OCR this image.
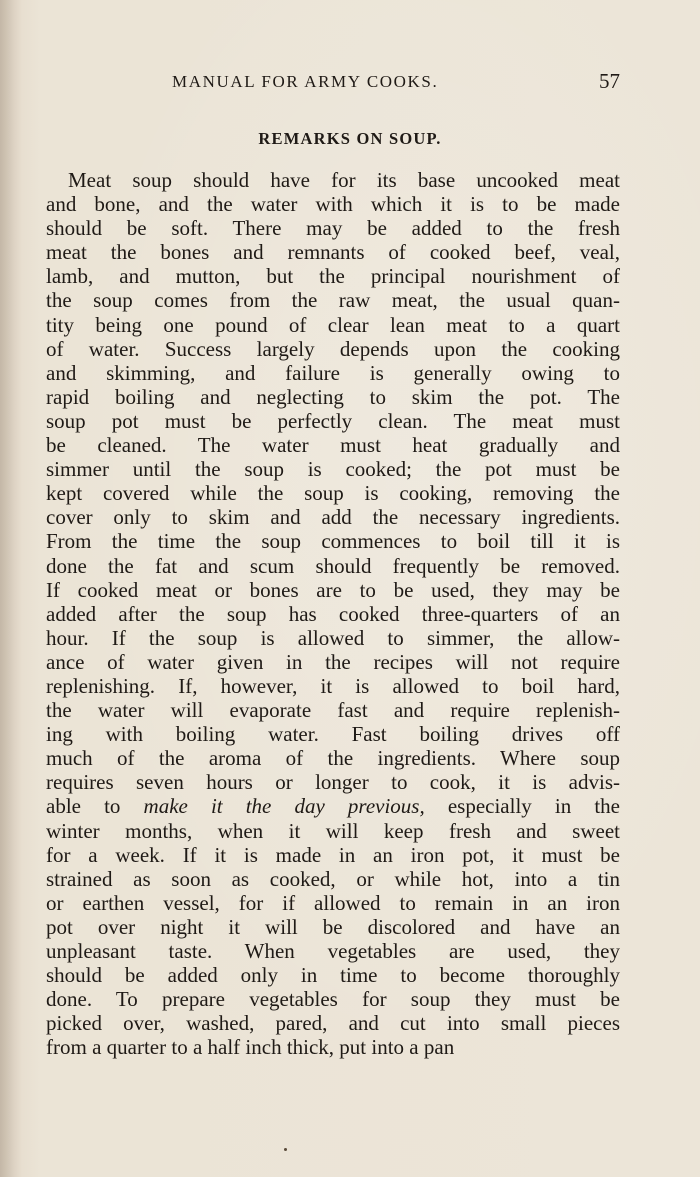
MANUAL FOR ARMY COOKS.	57
REMARKS ON SOUP.
Meat soup should have for its base uncooked meat
and bone, and the water with which it is to be made
should be soft. There may be added to the fresh
meat the bones and remnants of cooked beef, veal,
lamb, and mutton, but the principal nourishment of
the soup comes from the raw meat, the usual quan-
tity being one pound of clear lean meat to a quart
of water. Success largely depends upon the cooking
and skimming, and failure is generally owing to
rapid boiling and neglecting to skim the pot. The
soup pot must be perfectly clean. The meat must
be cleaned. The water must heat gradually and
simmer until the soup is cooked; the pot must be
kept covered while the soup is cooking, removing the
cover only to skim and add the necessary ingredients.
From the time the soup commences to boil till it is
done the fat and scum should frequently be removed.
If cooked meat or bones are to be used, they may be
added after the soup has cooked three-quarters of an
hour. If the soup is allowed to simmer, the allow-
ance of water given in the recipes will not require
replenishing. If, however, it is allowed to boil hard,
the water will evaporate fast and require replenish-
ing with boiling water. Fast boiling drives off
much of the aroma of the ingredients. Where soup
requires seven hours or longer to cook, it is advis-
able to make it the day previous, especially in the
winter months, when it will keep fresh and sweet
for a week. If it is made in an iron pot, it must be
strained as soon as cooked, or while hot, into a tin
or earthen vessel, for if allowed to remain in an iron
pot over night it will be discolored and have an
unpleasant taste. When vegetables are used, they
should be added only in time to become thoroughly
done. To prepare vegetables for soup they must be
picked over, washed, pared, and cut into small pieces
from a quarter to a half inch thick, put into a pan
